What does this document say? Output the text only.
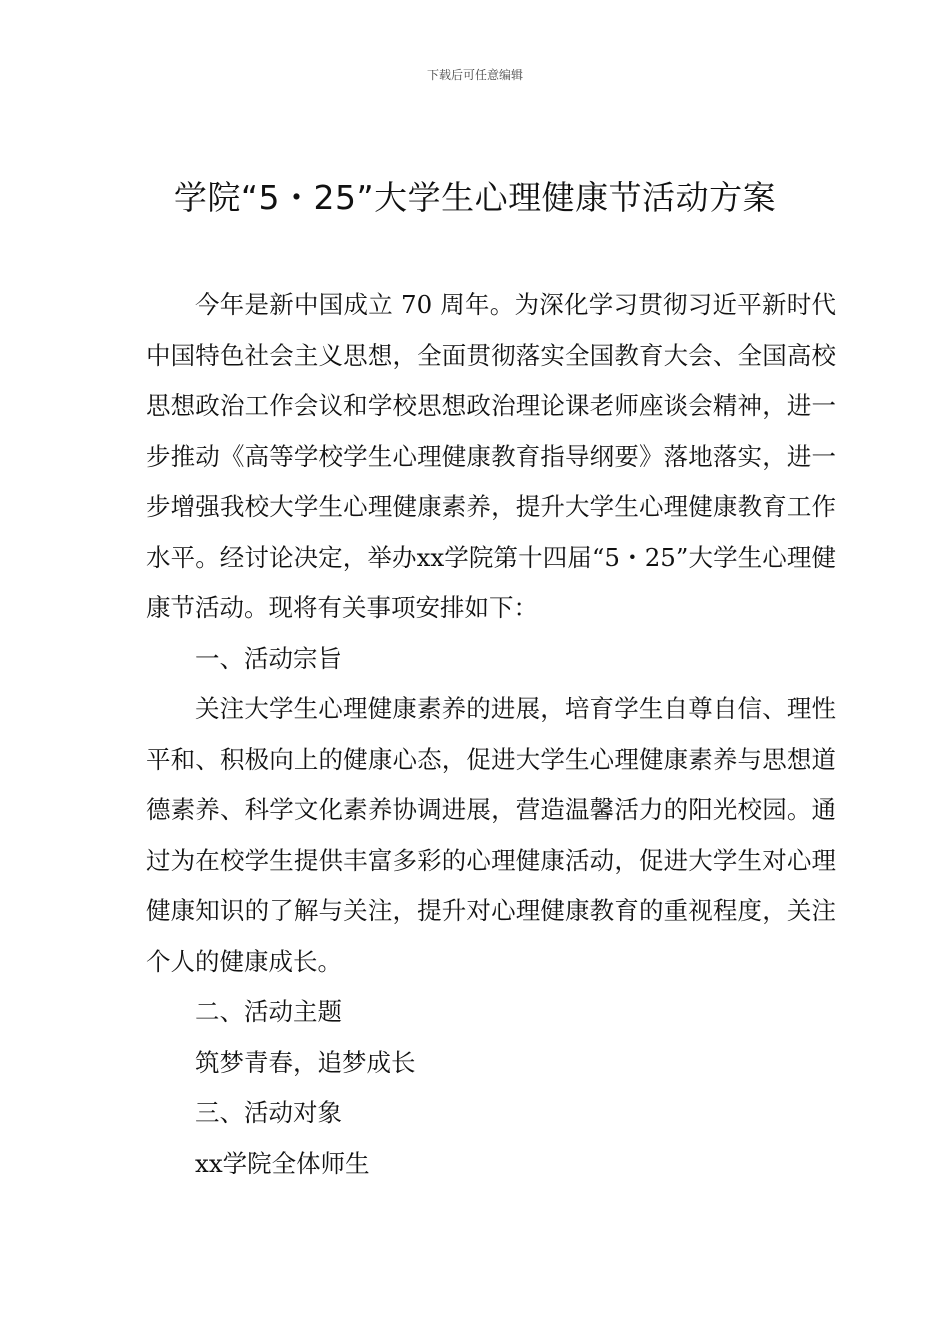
下载后可任意编辑
学院“5・25”大学生心理健康节活动方案

今年是新中国成立 70 周年。为深化学习贯彻习近平新时代中国特色社会主义思想，全面贯彻落实全国教育大会、全国高校思想政治工作会议和学校思想政治理论课老师座谈会精神，进一步推动《高等学校学生心理健康教育指导纲要》落地落实，进一步增强我校大学生心理健康素养，提升大学生心理健康教育工作水平。经讨论决定，举办xx学院第十四届“5・25”大学生心理健康节活动。现将有关事项安排如下：

一、活动宗旨

关注大学生心理健康素养的进展，培育学生自尊自信、理性平和、积极向上的健康心态，促进大学生心理健康素养与思想道德素养、科学文化素养协调进展，营造温馨活力的阳光校园。通过为在校学生提供丰富多彩的心理健康活动，促进大学生对心理健康知识的了解与关注，提升对心理健康教育的重视程度，关注个人的健康成长。

二、活动主题

筑梦青春，追梦成长

三、活动对象

xx学院全体师生
